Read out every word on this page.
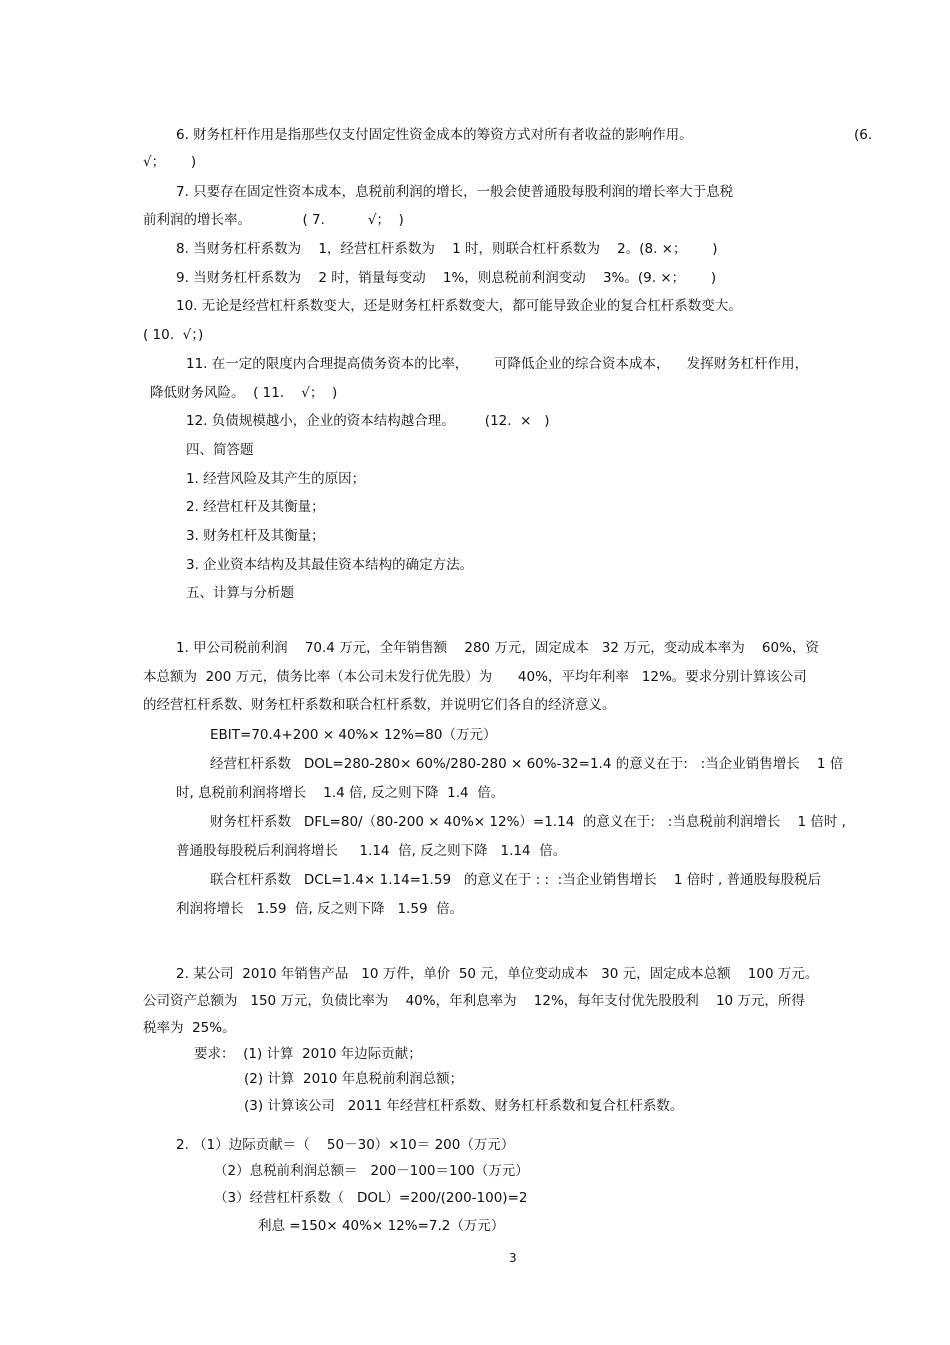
6. 财务杠杆作用是指那些仅支付固定性资金成本的筹资方式对所有者收益的影响作用。	(6.
√；      )
7. 只要存在固定性资本成本，息税前利润的增长，一般会使普通股每股利润的增长率大于息税
前利润的增长率。            ( 7.          √；  )
8. 当财务杠杆系数为    1，经营杠杆系数为    1 时，则联合杠杆系数为    2。(8. ×；      )
9. 当财务杠杆系数为    2 时，销量每变动    1%，则息税前利润变动    3%。(9. ×；      )
10. 无论是经营杠杆系数变大，还是财务杠杆系数变大，都可能导致企业的复合杠杆系数变大。
( 10.  √；)
11. 在一定的限度内合理提高债务资本的比率，      可降低企业的综合资本成本，    发挥财务杠杆作用，
降低财务风险。  ( 11.    √；  )
12. 负债规模越小，企业的资本结构越合理。       (12.  ×   )
四、简答题
1. 经营风险及其产生的原因；
2. 经营杠杆及其衡量；
3. 财务杠杆及其衡量；
3. 企业资本结构及其最佳资本结构的确定方法。
五、计算与分析题
1. 甲公司税前利润    70.4 万元，全年销售额    280 万元，固定成本   32 万元，变动成本率为    60%，资
本总额为  200 万元，债务比率（本公司未发行优先股）为      40%，平均年利率   12%。要求分别计算该公司
的经营杠杆系数、财务杠杆系数和联合杠杆系数，并说明它们各自的经济意义。
EBIT=70.4+200 × 40%× 12%=80（万元）
经营杠杆系数   DOL=280-280× 60%/280-280 × 60%-32=1.4 的意义在于:   :当企业销售增长    1 倍
时, 息税前利润将增长    1.4 倍, 反之则下降  1.4  倍。
财务杠杆系数   DFL=80/（80-200 × 40%× 12%）=1.14  的意义在于:   :当息税前利润增长    1 倍时 ,
普通股每股税后利润将增长     1.14  倍, 反之则下降   1.14  倍。
联合杠杆系数   DCL=1.4× 1.14=1.59   的意义在于 : :  :当企业销售增长    1 倍时 , 普通股每股税后
利润将增长   1.59  倍, 反之则下降   1.59  倍。
2. 某公司  2010 年销售产品   10 万件，单价  50 元，单位变动成本   30 元，固定成本总额    100 万元。
公司资产总额为   150 万元，负债比率为    40%，年利息率为    12%，每年支付优先股股利    10 万元，所得
税率为  25%。
要求：  (1) 计算  2010 年边际贡献；
(2) 计算  2010 年息税前利润总额；
(3) 计算该公司   2011 年经营杠杆系数、财务杠杆系数和复合杠杆系数。
2. （1）边际贡献＝（    50－30）×10＝ 200（万元）
（2）息税前利润总额＝   200－100＝100（万元）
（3）经营杠杆系数（   DOL）=200/(200-100)=2
利息 =150× 40%× 12%=7.2（万元）
3
